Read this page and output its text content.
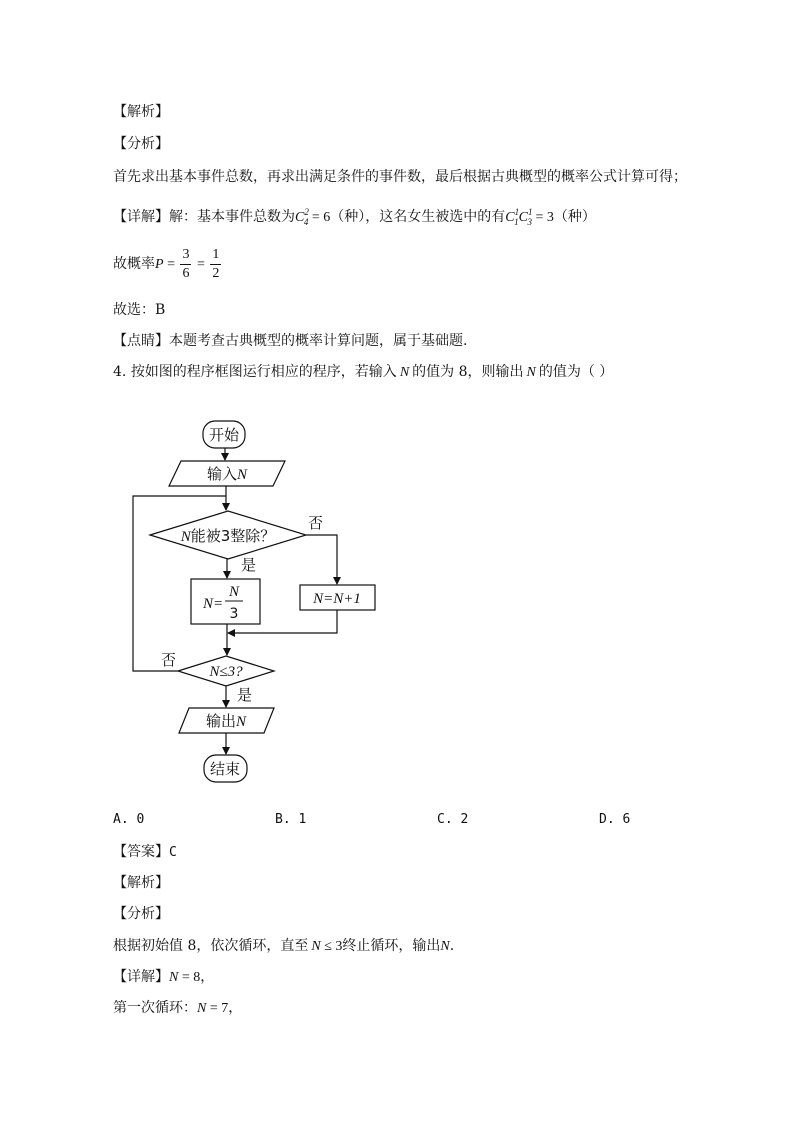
【解析】
【分析】
首先求出基本事件总数，再求出满足条件的事件数，最后根据古典概型的概率公式计算可得；
【详解】解：基本事件总数为$C^2_4 = 6$（种），这名女生被选中的有$C^1_1C^1_3 = 3$（种）
故概率$P = \frac{3}{6} = \frac{1}{2}$
故选：B
【点睛】本题考查古典概型的概率计算问题，属于基础题.
4. 按如图的程序框图运行相应的程序，若输入 N 的值为 8，则输出 N 的值为（ ）
开始
输入N
N能被3整除？
否
是
N=
N
3
N=N+1
否
N≤3?
是
输出N
结束
A. 0	B. 1	C. 2	D. 6
【答案】C
【解析】
【分析】
根据初始值 8，依次循环，直至 N ≤ 3终止循环，输出N.
【详解】N = 8，
第一次循环：N = 7，
